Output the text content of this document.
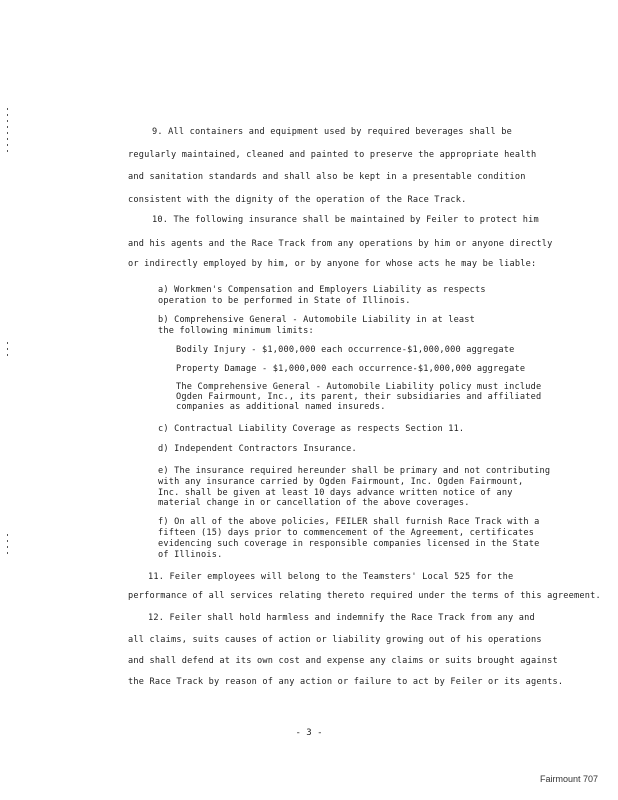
9. All containers and equipment used by required beverages shall be
regularly maintained, cleaned and painted to preserve the appropriate health
and sanitation standards and shall also be kept in a presentable condition
consistent with the dignity of the operation of the Race Track.
10. The following insurance shall be maintained by Feiler to protect him
and his agents and the Race Track from any operations by him or anyone directly
or indirectly employed by him, or by anyone for whose acts he may be liable:
a) Workmen's Compensation and Employers Liability as respects
operation to be performed in State of Illinois.
b) Comprehensive General - Automobile Liability in at least
the following minimum limits:
Bodily Injury - $1,000,000 each occurrence-$1,000,000 aggregate
Property Damage - $1,000,000 each occurrence-$1,000,000 aggregate
The Comprehensive General - Automobile Liability policy must include
Ogden Fairmount, Inc., its parent, their subsidiaries and affiliated
companies as additional named insureds.
c) Contractual Liability Coverage as respects Section 11.
d) Independent Contractors Insurance.
e) The insurance required hereunder shall be primary and not contributing
with any insurance carried by Ogden Fairmount, Inc. Ogden Fairmount,
Inc. shall be given at least 10 days advance written notice of any
material change in or cancellation of the above coverages.
f) On all of the above policies, FEILER shall furnish Race Track with a
fifteen (15) days prior to commencement of the Agreement, certificates
evidencing such coverage in responsible companies licensed in the State
of Illinois.
11. Feiler employees will belong to the Teamsters' Local 525 for the
performance of all services relating thereto required under the terms of this agreement.
12. Feiler shall hold harmless and indemnify the Race Track from any and
all claims, suits causes of action or liability growing out of his operations
and shall defend at its own cost and expense any claims or suits brought against
the Race Track by reason of any action or failure to act by Feiler or its agents.
- 3 -
Fairmount 707
